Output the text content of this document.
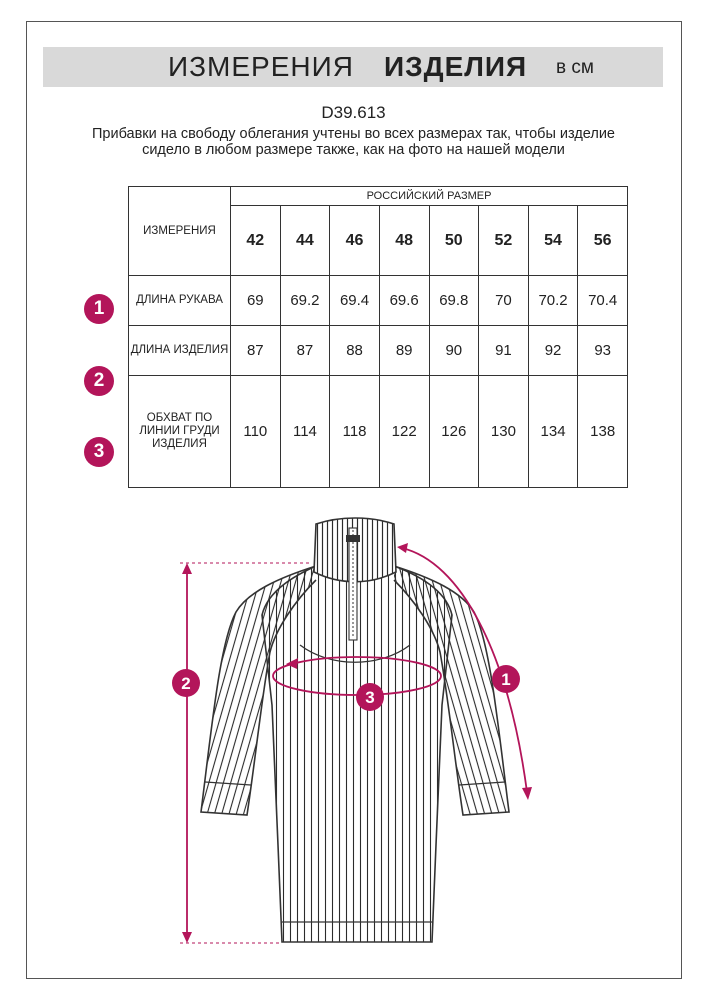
ИЗМЕРЕНИЯ ИЗДЕЛИЯ в см
D39.613
Прибавки на свободу облегания учтены во всех размерах так, чтобы изделие сидело в любом размере также, как на фото на нашей модели
ИЗМЕРЕНИЯ	РОССИЙСКИЙ РАЗМЕР							
	42	44	46	48	50	52	54	56
ДЛИНА РУКАВА	69	69.2	69.4	69.6	69.8	70	70.2	70.4
ДЛИНА ИЗДЕЛИЯ	87	87	88	89	90	91	92	93
ОБХВАТ ПО ЛИНИИ ГРУДИ ИЗДЕЛИЯ	110	114	118	122	126	130	134	138
1
2
3
1
2
3
